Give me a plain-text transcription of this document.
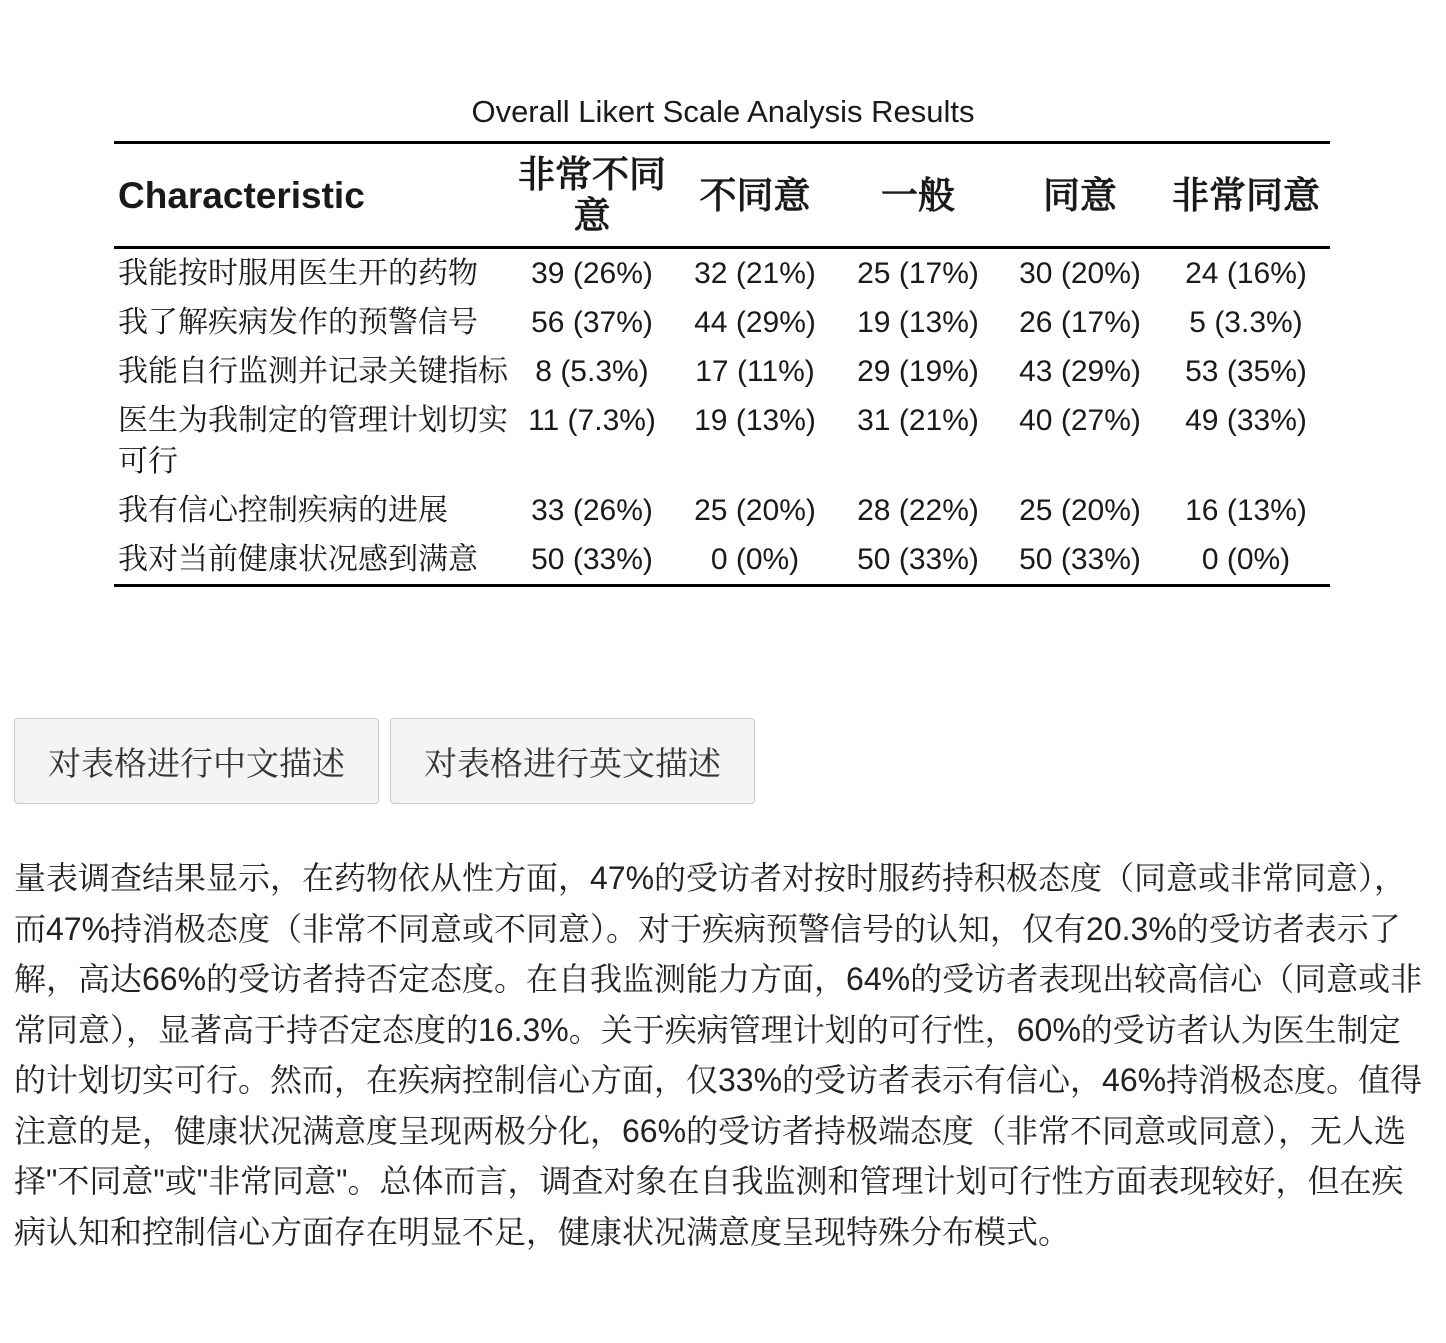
Overall Likert Scale Analysis Results
Characteristic	非常不同意	不同意	一般	同意	非常同意
我能按时服用医生开的药物	39 (26%)	32 (21%)	25 (17%)	30 (20%)	24 (16%)
我了解疾病发作的预警信号	56 (37%)	44 (29%)	19 (13%)	26 (17%)	5 (3.3%)
我能自行监测并记录关键指标	8 (5.3%)	17 (11%)	29 (19%)	43 (29%)	53 (35%)
医生为我制定的管理计划切实可行	11 (7.3%)	19 (13%)	31 (21%)	40 (27%)	49 (33%)
我有信心控制疾病的进展	33 (26%)	25 (20%)	28 (22%)	25 (20%)	16 (13%)
我对当前健康状况感到满意	50 (33%)	0 (0%)	50 (33%)	50 (33%)	0 (0%)
对表格进行中文描述	对表格进行英文描述

量表调查结果显示，在药物依从性方面，47%的受访者对按时服药持积极态度（同意或非常同意），而47%持消极态度（非常不同意或不同意）。对于疾病预警信号的认知，仅有20.3%的受访者表示了解，高达66%的受访者持否定态度。在自我监测能力方面，64%的受访者表现出较高信心（同意或非常同意），显著高于持否定态度的16.3%。关于疾病管理计划的可行性，60%的受访者认为医生制定的计划切实可行。然而，在疾病控制信心方面，仅33%的受访者表示有信心，46%持消极态度。值得注意的是，健康状况满意度呈现两极分化，66%的受访者持极端态度（非常不同意或同意），无人选择"不同意"或"非常同意"。总体而言，调查对象在自我监测和管理计划可行性方面表现较好，但在疾病认知和控制信心方面存在明显不足，健康状况满意度呈现特殊分布模式。
